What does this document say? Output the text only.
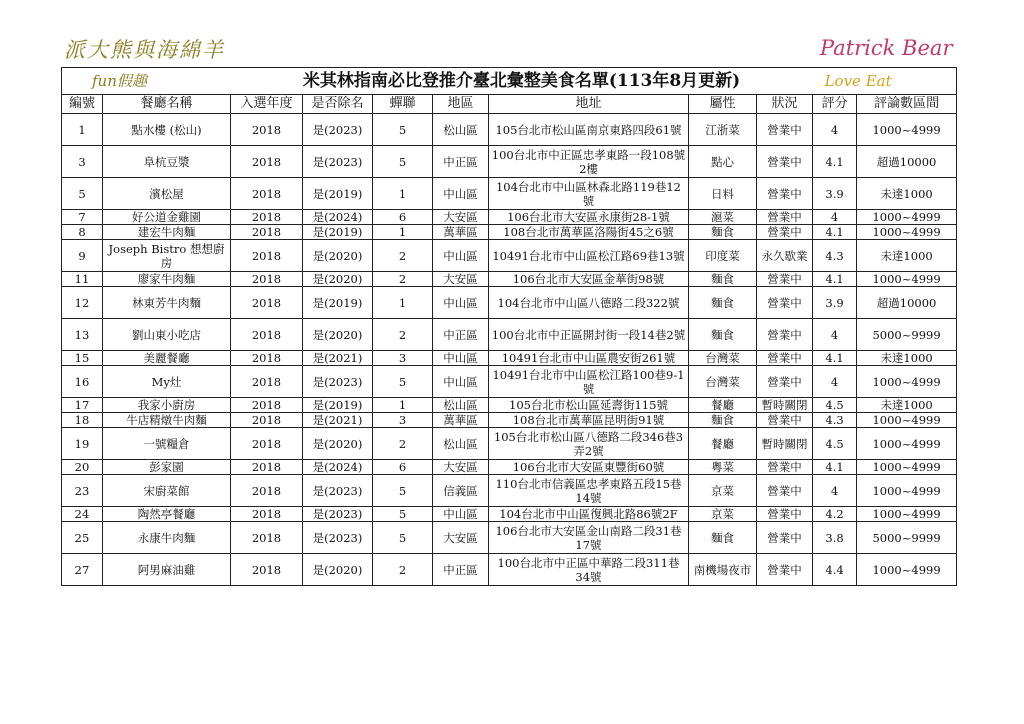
派大熊與海綿羊	Patrick Bear
fun假趣		米其林指南必比登推介臺北彙整美食名單(113年8月更新)							Love Eat	
編號	餐廳名稱	入選年度	是否除名	蟬聯	地區	地址	屬性	狀況	評分	評論數區間
1	點水樓 (松山)	2018	是(2023)	5	松山區	105台北市松山區南京東路四段61號	江浙菜	營業中	4	1000~4999
3	阜杭豆漿	2018	是(2023)	5	中正區	100台北市中正區忠孝東路一段108號2樓	點心	營業中	4.1	超過10000
5	濱松屋	2018	是(2019)	1	中山區	104台北市中山區林森北路119巷12號	日料	營業中	3.9	未達1000
7	好公道金雞園	2018	是(2024)	6	大安區	106台北市大安區永康街28-1號	滬菜	營業中	4	1000~4999
8	建宏牛肉麵	2018	是(2019)	1	萬華區	108台北市萬華區洛陽街45之6號	麵食	營業中	4.1	1000~4999
9	Joseph Bistro 想想廚房	2018	是(2020)	2	中山區	10491台北市中山區松江路69巷13號	印度菜	永久歇業	4.3	未達1000
11	廖家牛肉麵	2018	是(2020)	2	大安區	106台北市大安區金華街98號	麵食	營業中	4.1	1000~4999
12	林東芳牛肉麵	2018	是(2019)	1	中山區	104台北市中山區八德路二段322號	麵食	營業中	3.9	超過10000
13	劉山東小吃店	2018	是(2020)	2	中正區	100台北市中正區開封街一段14巷2號	麵食	營業中	4	5000~9999
15	美麗餐廳	2018	是(2021)	3	中山區	10491台北市中山區農安街261號	台灣菜	營業中	4.1	未達1000
16	My灶	2018	是(2023)	5	中山區	10491台北市中山區松江路100巷9-1號	台灣菜	營業中	4	1000~4999
17	我家小廚房	2018	是(2019)	1	松山區	105台北市松山區延壽街115號	餐廳	暫時關閉	4.5	未達1000
18	牛店精燉牛肉麵	2018	是(2021)	3	萬華區	108台北市萬華區昆明街91號	麵食	營業中	4.3	1000~4999
19	一號糧倉	2018	是(2020)	2	松山區	105台北市松山區八德路二段346巷3弄2號	餐廳	暫時關閉	4.5	1000~4999
20	彭家園	2018	是(2024)	6	大安區	106台北市大安區東豐街60號	粵菜	營業中	4.1	1000~4999
23	宋廚菜館	2018	是(2023)	5	信義區	110台北市信義區忠孝東路五段15巷14號	京菜	營業中	4	1000~4999
24	陶然亭餐廳	2018	是(2023)	5	中山區	104台北市中山區復興北路86號2F	京菜	營業中	4.2	1000~4999
25	永康牛肉麵	2018	是(2023)	5	大安區	106台北市大安區金山南路二段31巷17號	麵食	營業中	3.8	5000~9999
27	阿男麻油雞	2018	是(2020)	2	中正區	100台北市中正區中華路二段311巷34號	南機場夜市	營業中	4.4	1000~4999
